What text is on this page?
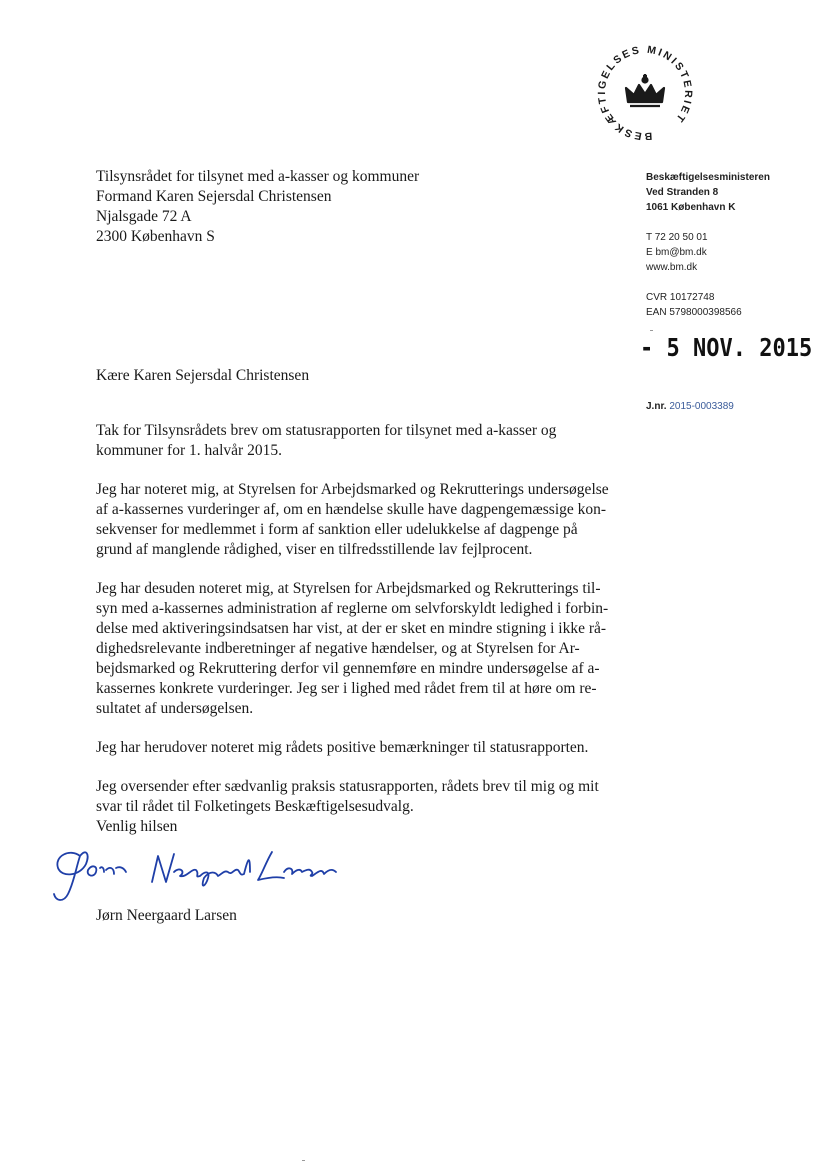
BESKÆFTIGELSES MINISTERIET
Tilsynsrådet for tilsynet med a-kasser og kommuner
Formand Karen Sejersdal Christensen
Njalsgade 72 A
2300 København S
Beskæftigelsesministeren
Ved Stranden 8
1061 København K
T 72 20 50 01
E bm@bm.dk
www.bm.dk
CVR 10172748
EAN 5798000398566
- 5 NOV. 2015
J.nr. 2015-0003389
Kære Karen Sejersdal Christensen

Tak for Tilsynsrådets brev om statusrapporten for tilsynet med a-kasser og
kommuner for 1. halvår 2015.

Jeg har noteret mig, at Styrelsen for Arbejdsmarked og Rekrutterings undersøgelse
af a-kassernes vurderinger af, om en hændelse skulle have dagpengemæssige kon-
sekvenser for medlemmet i form af sanktion eller udelukkelse af dagpenge på
grund af manglende rådighed, viser en tilfredsstillende lav fejlprocent.

Jeg har desuden noteret mig, at Styrelsen for Arbejdsmarked og Rekrutterings til-
syn med a-kassernes administration af reglerne om selvforskyldt ledighed i forbin-
delse med aktiveringsindsatsen har vist, at der er sket en mindre stigning i ikke rå-
dighedsrelevante indberetninger af negative hændelser, og at Styrelsen for Ar-
bejdsmarked og Rekruttering derfor vil gennemføre en mindre undersøgelse af a-
kassernes konkrete vurderinger. Jeg ser i lighed med rådet frem til at høre om re-
sultatet af undersøgelsen.

Jeg har herudover noteret mig rådets positive bemærkninger til statusrapporten.

Jeg oversender efter sædvanlig praksis statusrapporten, rådets brev til mig og mit
svar til rådet til Folketingets Beskæftigelsesudvalg.

Venlig hilsen
Jørn Neergaard Larsen
